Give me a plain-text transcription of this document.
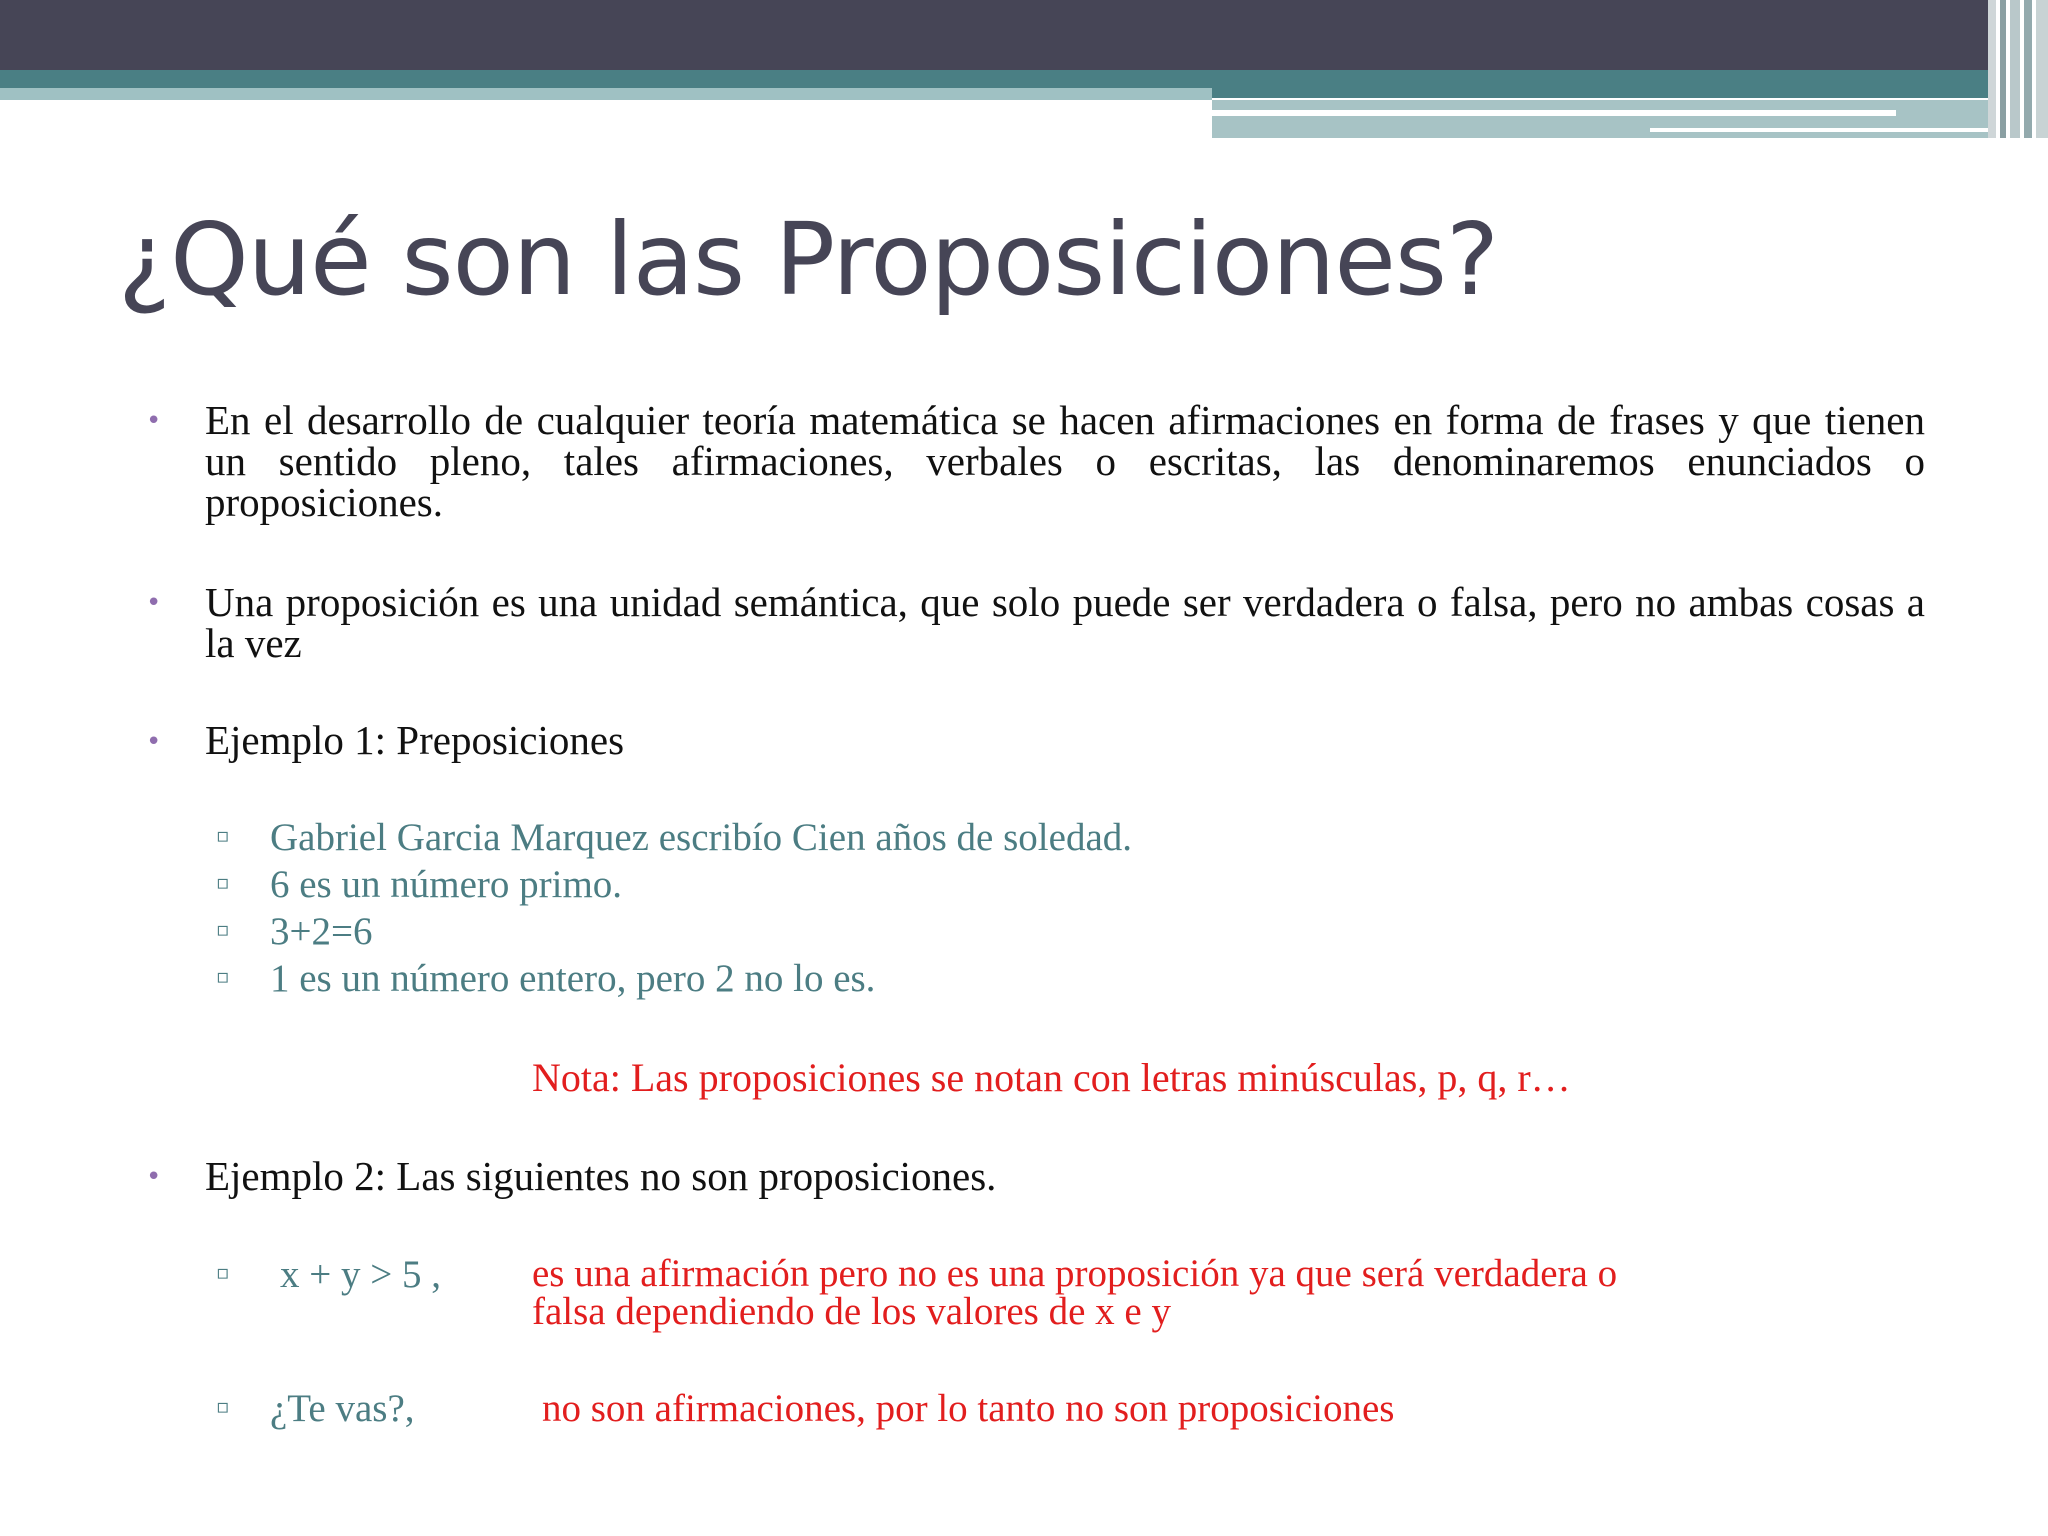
¿Qué son las Proposiciones?
• En el desarrollo de cualquier teoría matemática se hacen afirmaciones en forma de frases y que tienen un sentido pleno, tales afirmaciones, verbales o escritas, las denominaremos enunciados o proposiciones.
• Una proposición es una unidad semántica, que solo puede ser verdadera o falsa, pero no ambas cosas a la vez
• Ejemplo 1: Preposiciones
▫ Gabriel Garcia Marquez escribío Cien años de soledad.
▫ 6 es un número primo.
▫ 3+2=6
▫ 1 es un número entero, pero 2 no lo es.
Nota: Las proposiciones se notan con letras minúsculas, p, q, r…
• Ejemplo 2: Las siguientes no son proposiciones.
▫ x + y > 5 , es una afirmación pero no es una proposición ya que será verdadera o
falsa dependiendo de los valores de x e y
▫ ¿Te vas?,	no son afirmaciones, por lo tanto no son proposiciones
